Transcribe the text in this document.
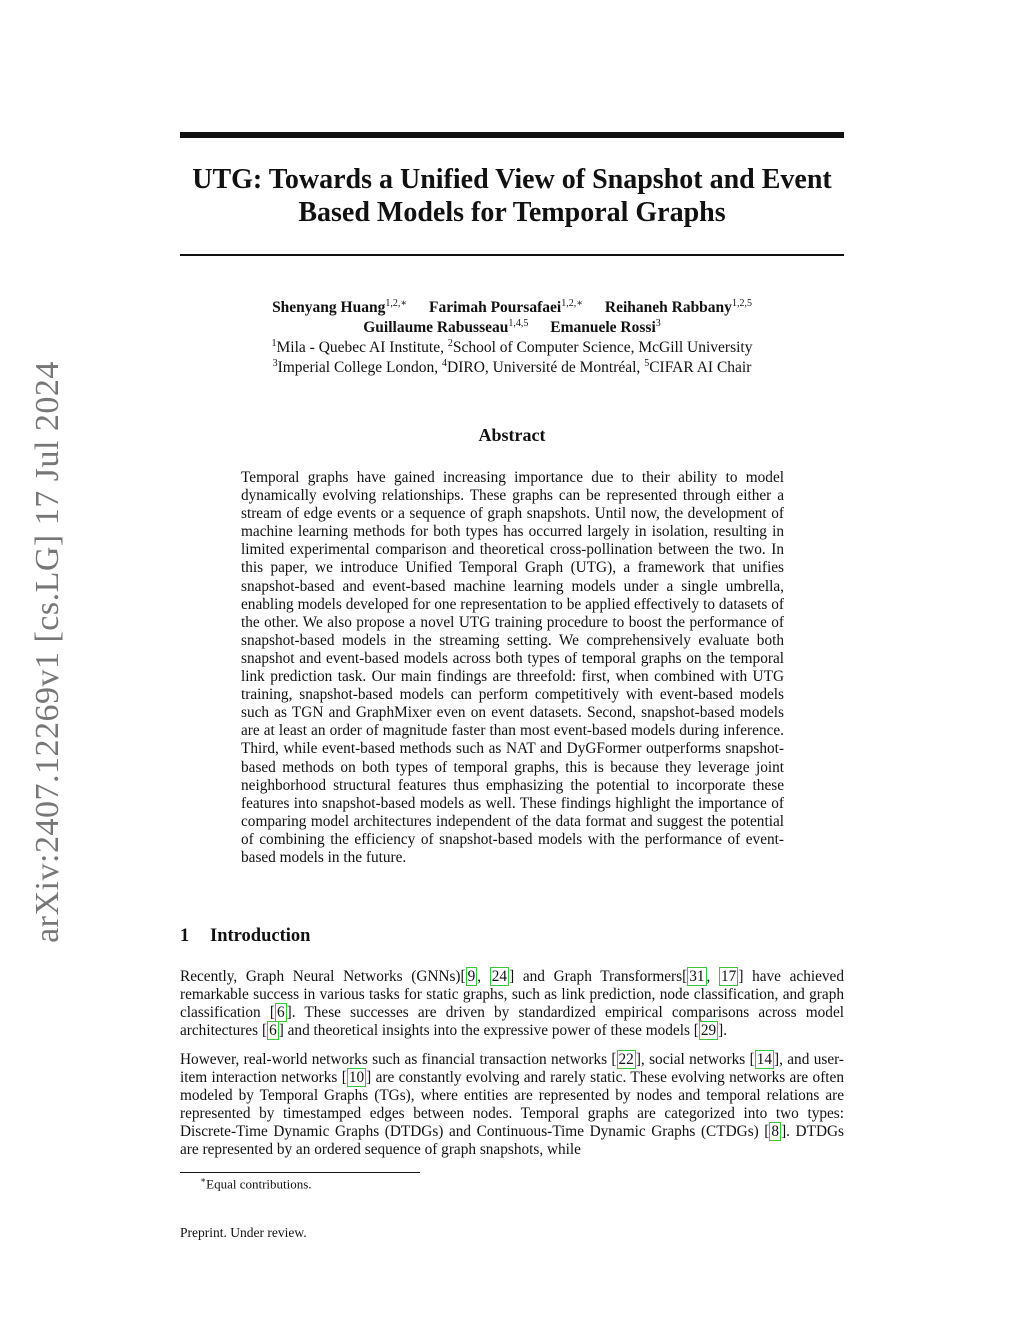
arXiv:2407.12269v1 [cs.LG] 17 Jul 2024
UTG: Towards a Unified View of Snapshot and Event
Based Models for Temporal Graphs
Shenyang Huang$^{1,2,∗}$ Farimah Poursafaei$^{1,2,∗}$ Reihaneh Rabbany$^{1,2,5}$
Guillaume Rabusseau$^{1,4,5}$ Emanuele Rossi$^3$
$^1$Mila - Quebec AI Institute, $^2$School of Computer Science, McGill University
$^3$Imperial College London, $^4$DIRO, Université de Montréal, $^5$CIFAR AI Chair
Abstract
Temporal graphs have gained increasing importance due to their ability to model dynamically evolving relationships. These graphs can be represented through either a stream of edge events or a sequence of graph snapshots. Until now, the development of machine learning methods for both types has occurred largely in isolation, resulting in limited experimental comparison and theoretical cross-pollination between the two. In this paper, we introduce Unified Temporal Graph (UTG), a framework that unifies snapshot-based and event-based machine learning models under a single umbrella, enabling models developed for one representation to be applied effectively to datasets of the other. We also propose a novel UTG training procedure to boost the performance of snapshot-based models in the streaming setting. We comprehensively evaluate both snapshot and event-based models across both types of temporal graphs on the temporal link prediction task. Our main findings are threefold: first, when combined with UTG training, snapshot-based models can perform competitively with event-based models such as TGN and GraphMixer even on event datasets. Second, snapshot-based models are at least an order of magnitude faster than most event-based models during inference. Third, while event-based methods such as NAT and DyGFormer outperforms snapshot-based methods on both types of temporal graphs, this is because they leverage joint neighborhood structural features thus emphasizing the potential to incorporate these features into snapshot-based models as well. These findings highlight the importance of comparing model architectures independent of the data format and suggest the potential of combining the efficiency of snapshot-based models with the performance of event-based models in the future.
1 Introduction
Recently, Graph Neural Networks (GNNs)[ 9 , 24 ] and Graph Transformers[ 31 , 17 ] have achieved remarkable success in various tasks for static graphs, such as link prediction, node classification, and graph classification [ 6 ]. These successes are driven by standardized empirical comparisons across model architectures [ 6 ] and theoretical insights into the expressive power of these models [ 29 ].
However, real-world networks such as financial transaction networks [ 22 ], social networks [ 14 ], and user-item interaction networks [ 10 ] are constantly evolving and rarely static. These evolving networks are often modeled by Temporal Graphs (TGs), where entities are represented by nodes and temporal relations are represented by timestamped edges between nodes. Temporal graphs are categorized into two types: Discrete-Time Dynamic Graphs (DTDGs) and Continuous-Time Dynamic Graphs (CTDGs) [ 8 ]. DTDGs are represented by an ordered sequence of graph snapshots, while
∗Equal contributions.
Preprint. Under review.
